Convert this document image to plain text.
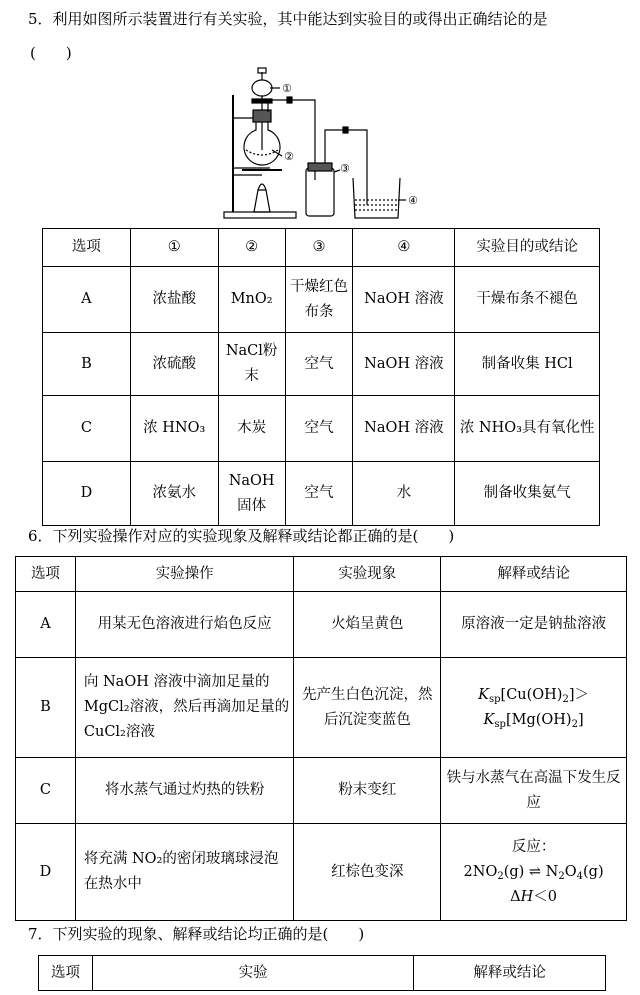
5．利用如图所示装置进行有关实验，其中能达到实验目的或得出正确结论的是
(　　)
①
②
③
④
选项	①	②	③	④	实验目的或结论
A	浓盐酸	MnO₂	干燥红色布条	NaOH 溶液	干燥布条不褪色
B	浓硫酸	NaCl粉末	空气	NaOH 溶液	制备收集 HCl
C	浓 HNO₃	木炭	空气	NaOH 溶液	浓 NHO₃具有氧化性
D	浓氨水	NaOH固体	空气	水	制备收集氨气
6．下列实验操作对应的实验现象及解释或结论都正确的是(　　)
选项	实验操作	实验现象	解释或结论
A	用某无色溶液进行焰色反应	火焰呈黄色	原溶液一定是钠盐溶液
B	向 NaOH 溶液中滴加足量的MgCl₂溶液，然后再滴加足量的 CuCl₂溶液	先产生白色沉淀，然后沉淀变蓝色	$K_{sp}[Cu(OH)_2]>$
$K_{sp}[Mg(OH)_2]$
C	将水蒸气通过灼热的铁粉	粉末变红	铁与水蒸气在高温下发生反应
D	将充满 NO₂的密闭玻璃球浸泡在热水中	红棕色变深	反应：
$2NO_2(g)$ ⇌ $N_2O_4(g)$
ΔH＜0
7．下列实验的现象、解释或结论均正确的是(　　)
选项	实验	解释或结论
